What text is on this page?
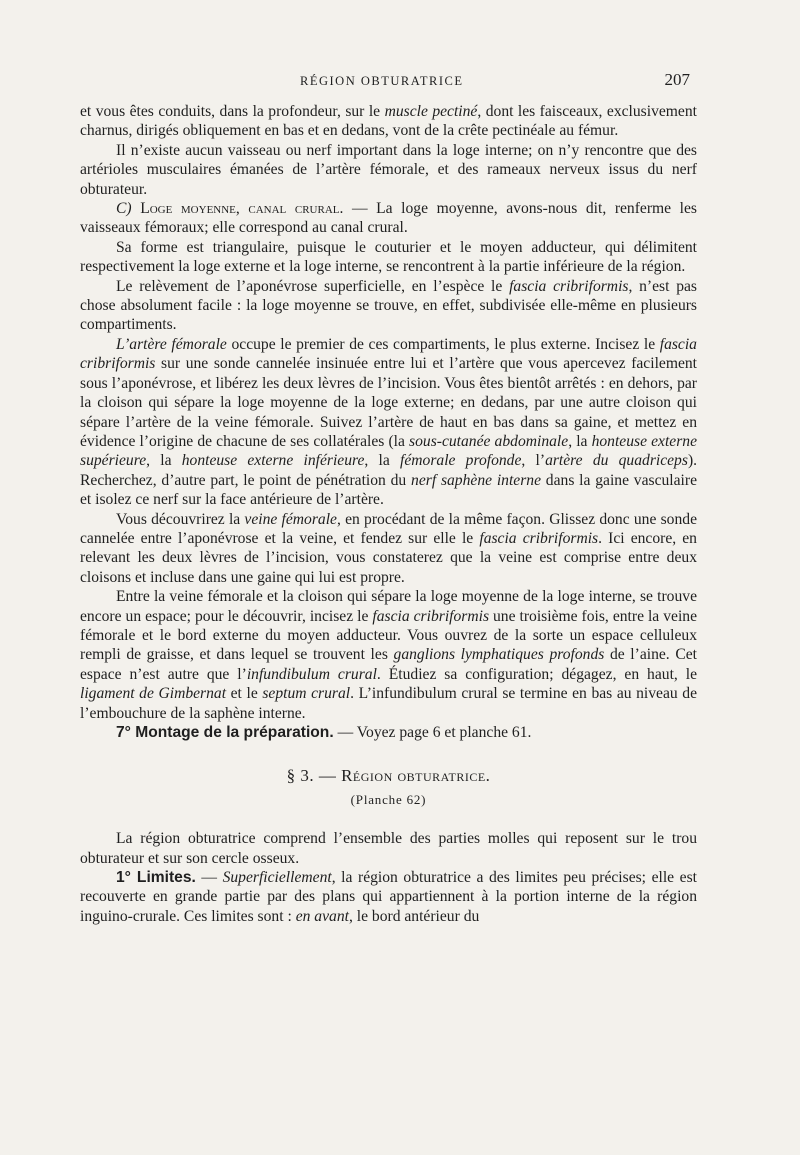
RÉGION OBTURATRICE	207

et vous êtes conduits, dans la profondeur, sur le muscle pectiné, dont les faisceaux, exclusivement charnus, dirigés obliquement en bas et en dedans, vont de la crête pectinéale au fémur.

Il n’existe aucun vaisseau ou nerf important dans la loge interne; on n’y rencontre que des artérioles musculaires émanées de l’artère fémorale, et des rameaux nerveux issus du nerf obturateur.

C) Loge moyenne, canal crural. — La loge moyenne, avons-nous dit, renferme les vaisseaux fémoraux; elle correspond au canal crural.

Sa forme est triangulaire, puisque le couturier et le moyen adducteur, qui délimitent respectivement la loge externe et la loge interne, se rencontrent à la partie inférieure de la région.

Le relèvement de l’aponévrose superficielle, en l’espèce le fascia cribriformis, n’est pas chose absolument facile : la loge moyenne se trouve, en effet, subdivisée elle-même en plusieurs compartiments.

L’artère fémorale occupe le premier de ces compartiments, le plus externe. Incisez le fascia cribriformis sur une sonde cannelée insinuée entre lui et l’artère que vous apercevez facilement sous l’aponévrose, et libérez les deux lèvres de l’incision. Vous êtes bientôt arrêtés : en dehors, par la cloison qui sépare la loge moyenne de la loge externe; en dedans, par une autre cloison qui sépare l’artère de la veine fémorale. Suivez l’artère de haut en bas dans sa gaine, et mettez en évidence l’origine de chacune de ses collatérales (la sous-cutanée abdominale, la honteuse externe supérieure, la honteuse externe inférieure, la fémorale profonde, l’artère du quadriceps). Recherchez, d’autre part, le point de pénétration du nerf saphène interne dans la gaine vasculaire et isolez ce nerf sur la face antérieure de l’artère.

Vous découvrirez la veine fémorale, en procédant de la même façon. Glissez donc une sonde cannelée entre l’aponévrose et la veine, et fendez sur elle le fascia cribriformis. Ici encore, en relevant les deux lèvres de l’incision, vous constaterez que la veine est comprise entre deux cloisons et incluse dans une gaine qui lui est propre.

Entre la veine fémorale et la cloison qui sépare la loge moyenne de la loge interne, se trouve encore un espace; pour le découvrir, incisez le fascia cribriformis une troisième fois, entre la veine fémorale et le bord externe du moyen adducteur. Vous ouvrez de la sorte un espace celluleux rempli de graisse, et dans lequel se trouvent les ganglions lymphatiques profonds de l’aine. Cet espace n’est autre que l’infundibulum crural. Étudiez sa configuration; dégagez, en haut, le ligament de Gimbernat et le septum crural. L’infundibulum crural se termine en bas au niveau de l’embouchure de la saphène interne.

7° Montage de la préparation. — Voyez page 6 et planche 61.

§ 3. — Région obturatrice.
(Planche 62)

La région obturatrice comprend l’ensemble des parties molles qui reposent sur le trou obturateur et sur son cercle osseux.

1° Limites. — Superficiellement, la région obturatrice a des limites peu précises; elle est recouverte en grande partie par des plans qui appartiennent à la portion interne de la région inguino-crurale. Ces limites sont : en avant, le bord antérieur du
